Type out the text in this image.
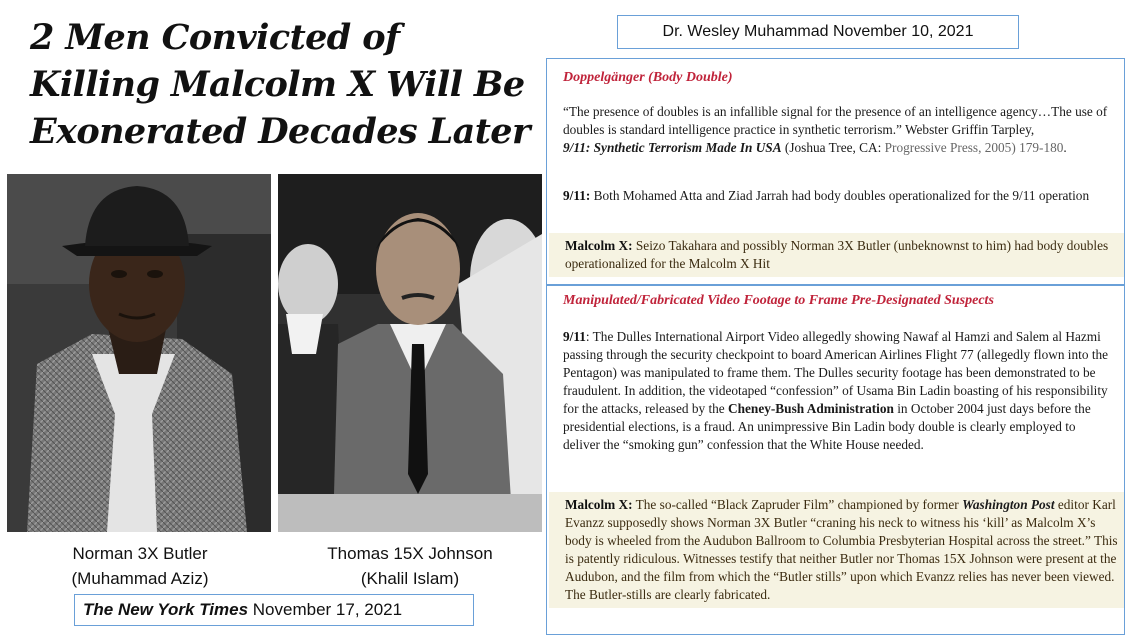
2 Men Convicted of Killing Malcolm X Will Be Exonerated Decades Later
Norman 3X Butler
(Muhammad Aziz)
Thomas 15X Johnson
(Khalil Islam)
The New York Times November 17, 2021
Dr. Wesley Muhammad November 10, 2021
Doppelgänger (Body Double)
“The presence of doubles is an infallible signal for the presence of an intelligence agency…The use of doubles is standard intelligence practice in synthetic terrorism.” Webster Griffin Tarpley,
9/11: Synthetic Terrorism Made In USA (Joshua Tree, CA: Progressive Press, 2005) 179-180.
9/11: Both Mohamed Atta and Ziad Jarrah had body doubles operationalized for the 9/11 operation
Malcolm X: Seizo Takahara and possibly Norman 3X Butler (unbeknownst to him) had body doubles operationalized for the Malcolm X Hit
Manipulated/Fabricated Video Footage to Frame Pre-Designated Suspects
9/11: The Dulles International Airport Video allegedly showing Nawaf al Hamzi and Salem al Hazmi passing through the security checkpoint to board American Airlines Flight 77 (allegedly flown into the Pentagon) was manipulated to frame them. The Dulles security footage has been demonstrated to be fraudulent. In addition, the videotaped “confession” of Usama Bin Ladin boasting of his responsibility for the attacks, released by the Cheney-Bush Administration in October 2004 just days before the presidential elections, is a fraud. An unimpressive Bin Ladin body double is clearly employed to deliver the “smoking gun” confession that the White House needed.
Malcolm X: The so-called “Black Zapruder Film” championed by former Washington Post editor Karl Evanzz supposedly shows Norman 3X Butler “craning his neck to witness his ‘kill’ as Malcolm X’s body is wheeled from the Audubon Ballroom to Columbia Presbyterian Hospital across the street.” This is patently ridiculous. Witnesses testify that neither Butler nor Thomas 15X Johnson were present at the Audubon, and the film from which the “Butler stills” upon which Evanzz relies has never been viewed. The Butler-stills are clearly fabricated.
